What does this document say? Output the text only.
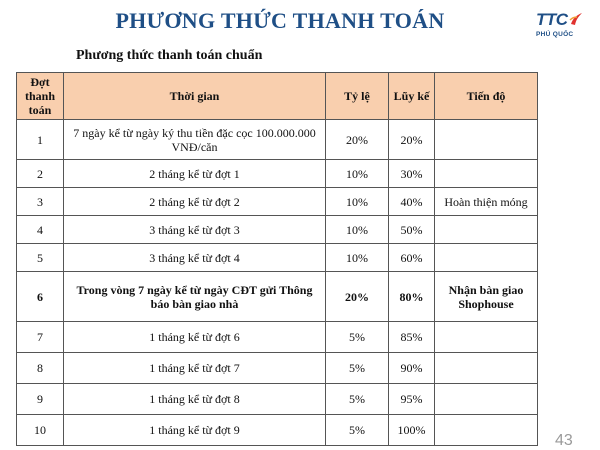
PHƯƠNG THỨC THANH TOÁN	TTC
PHÚ QUỐC
Phương thức thanh toán chuẩn
Đợt thanh toán	Thời gian	Tỷ lệ	Lũy kế	Tiến độ
1	7 ngày kể từ ngày ký thu tiền đặc cọc 100.000.000 VNĐ/căn	20%	20%	
2	2 tháng kể từ đợt 1	10%	30%	
3	2 tháng kể từ đợt 2	10%	40%	Hoàn thiện móng
4	3 tháng kể từ đợt 3	10%	50%	
5	3 tháng kể từ đợt 4	10%	60%	
6	Trong vòng 7 ngày kể từ ngày CĐT gửi Thông báo bàn giao nhà	20%	80%	Nhận bàn giao Shophouse
7	1 tháng kể từ đợt 6	5%	85%	
8	1 tháng kể từ đợt 7	5%	90%	
9	1 tháng kể từ đợt 8	5%	95%	
10	1 tháng kể từ đợt 9	5%	100%	
43
